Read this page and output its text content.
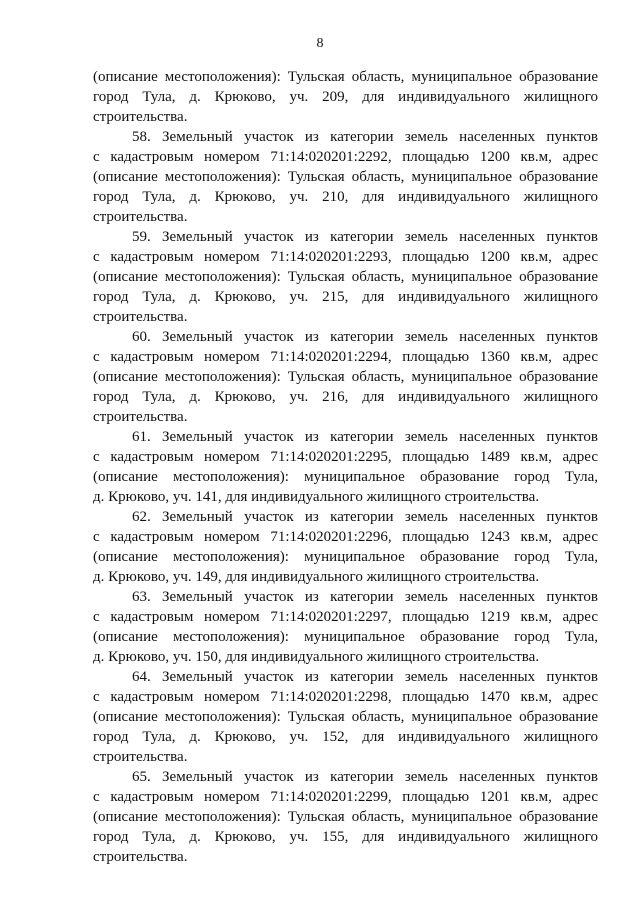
8
(описание местоположения): Тульская область, муниципальное образование
город Тула, д. Крюково, уч. 209, для индивидуального жилищного
строительства.
58. Земельный участок из категории земель населенных пунктов
с кадастровым номером 71:14:020201:2292, площадью 1200 кв.м, адрес
(описание местоположения): Тульская область, муниципальное образование
город Тула, д. Крюково, уч. 210, для индивидуального жилищного
строительства.
59. Земельный участок из категории земель населенных пунктов
с кадастровым номером 71:14:020201:2293, площадью 1200 кв.м, адрес
(описание местоположения): Тульская область, муниципальное образование
город Тула, д. Крюково, уч. 215, для индивидуального жилищного
строительства.
60. Земельный участок из категории земель населенных пунктов
с кадастровым номером 71:14:020201:2294, площадью 1360 кв.м, адрес
(описание местоположения): Тульская область, муниципальное образование
город Тула, д. Крюково, уч. 216, для индивидуального жилищного
строительства.
61. Земельный участок из категории земель населенных пунктов
с кадастровым номером 71:14:020201:2295, площадью 1489 кв.м, адрес
(описание местоположения): муниципальное образование город Тула,
д. Крюково, уч. 141, для индивидуального жилищного строительства.
62. Земельный участок из категории земель населенных пунктов
с кадастровым номером 71:14:020201:2296, площадью 1243 кв.м, адрес
(описание местоположения): муниципальное образование город Тула,
д. Крюково, уч. 149, для индивидуального жилищного строительства.
63. Земельный участок из категории земель населенных пунктов
с кадастровым номером 71:14:020201:2297, площадью 1219 кв.м, адрес
(описание местоположения): муниципальное образование город Тула,
д. Крюково, уч. 150, для индивидуального жилищного строительства.
64. Земельный участок из категории земель населенных пунктов
с кадастровым номером 71:14:020201:2298, площадью 1470 кв.м, адрес
(описание местоположения): Тульская область, муниципальное образование
город Тула, д. Крюково, уч. 152, для индивидуального жилищного
строительства.
65. Земельный участок из категории земель населенных пунктов
с кадастровым номером 71:14:020201:2299, площадью 1201 кв.м, адрес
(описание местоположения): Тульская область, муниципальное образование
город Тула, д. Крюково, уч. 155, для индивидуального жилищного
строительства.
